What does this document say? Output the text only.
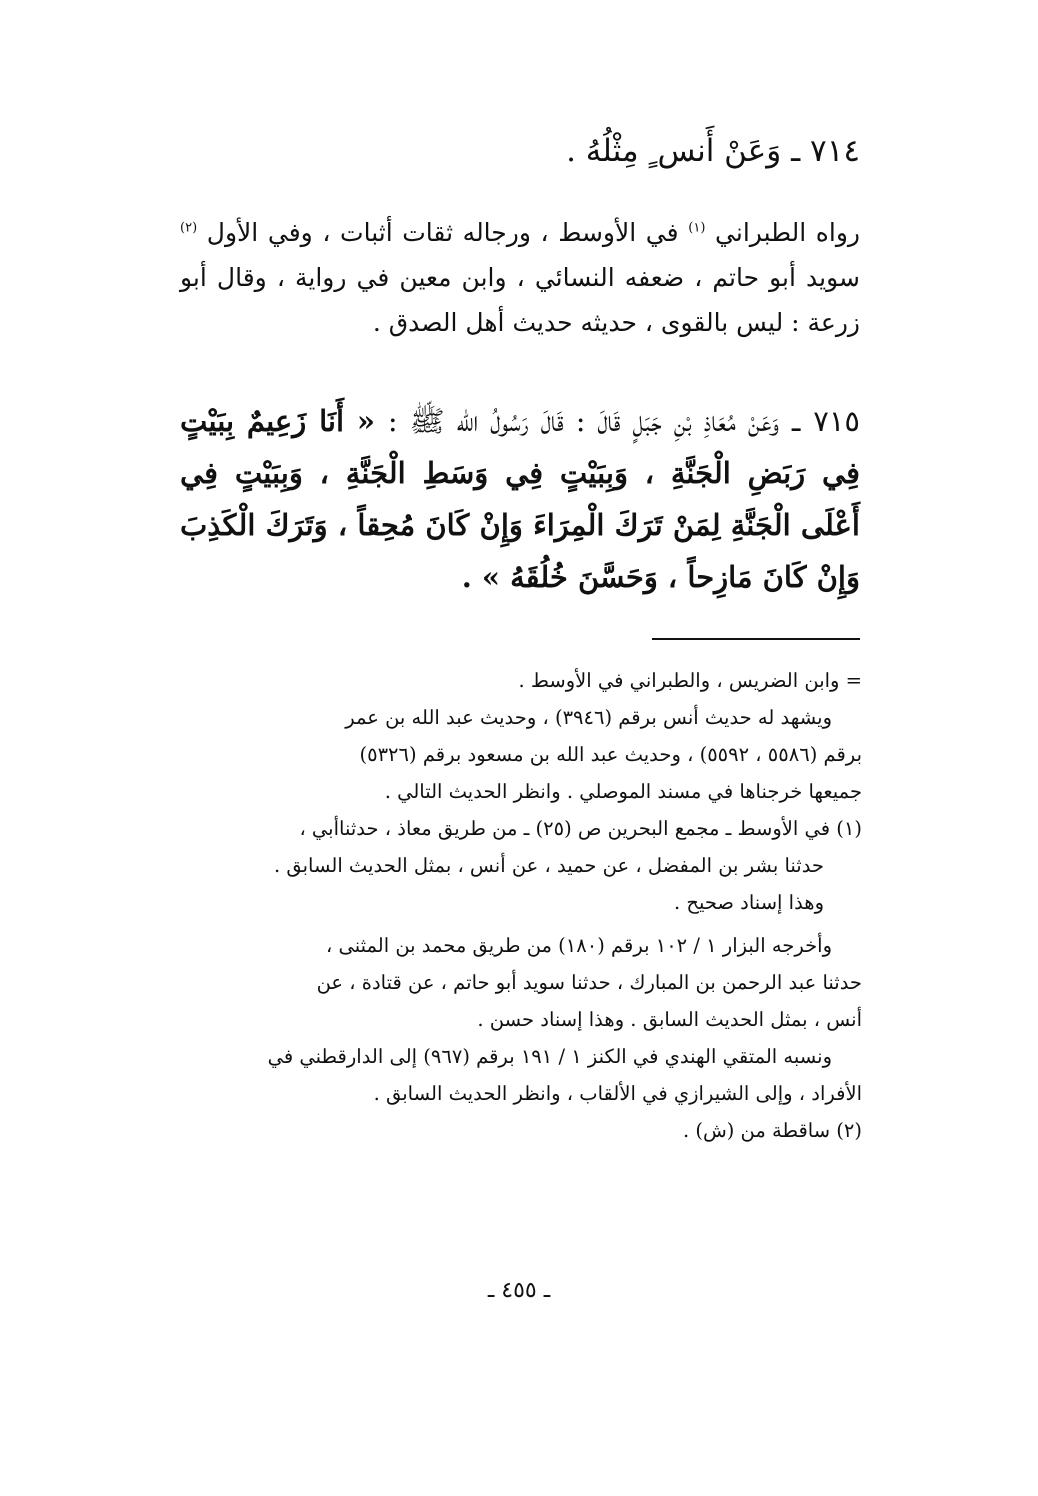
٧١٤ ـ وَعَنْ أَنس ٍ مِثْلُهُ .

رواه الطبراني $^{(١)}$ في الأوسط ، ورجاله ثقات أثبات ، وفي الأول $^{(٢)}$ سويد أبو حاتم ، ضعفه النسائي ، وابن معين في رواية ، وقال أبو زرعة : ليس بالقوى ، حديثه حديث أهل الصدق .

٧١٥ ـ وَعَنْ مُعَاذِ بْنِ جَبَلٍ قَالَ : قَالَ رَسُولُ الله ﷺ : « أَنَا زَعِيمٌ بِبَيْتٍ فِي رَبَضِ الْجَنَّةِ ، وَبِبَيْتٍ فِي وَسَطِ الْجَنَّةِ ، وَبِبَيْتٍ فِي أَعْلَى الْجَنَّةِ لِمَنْ تَرَكَ الْمِرَاءَ وَإِنْ كَانَ مُحِقاً ، وَتَرَكَ الْكَذِبَ وَإِنْ كَانَ مَازِحاً ، وَحَسَّنَ خُلُقَهُ » .

= وابن الضريس ، والطبراني في الأوسط .
ويشهد له حديث أنس برقم (٣٩٤٦) ، وحديث عبد الله بن عمر
برقم (٥٥٨٦ ، ٥٥٩٢) ، وحديث عبد الله بن مسعود برقم (٥٣٢٦)
جميعها خرجناها في مسند الموصلي . وانظر الحديث التالي .
(١) في الأوسط ـ مجمع البحرين ص (٢٥) ـ من طريق معاذ ، حدثناأبي ،
حدثنا بشر بن المفضل ، عن حميد ، عن أنس ، بمثل الحديث السابق .
وهذا إسناد صحيح .
وأخرجه البزار ١ / ١٠٢ برقم (١٨٠) من طريق محمد بن المثنى ،
حدثنا عبد الرحمن بن المبارك ، حدثنا سويد أبو حاتم ، عن قتادة ، عن
أنس ، بمثل الحديث السابق . وهذا إسناد حسن .
ونسبه المتقي الهندي في الكنز ١ / ١٩١ برقم (٩٦٧) إلى الدارقطني في
الأفراد ، وإلى الشيرازي في الألقاب ، وانظر الحديث السابق .
(٢) ساقطة من (ش) .
ـ ٤٥٥ ـ
